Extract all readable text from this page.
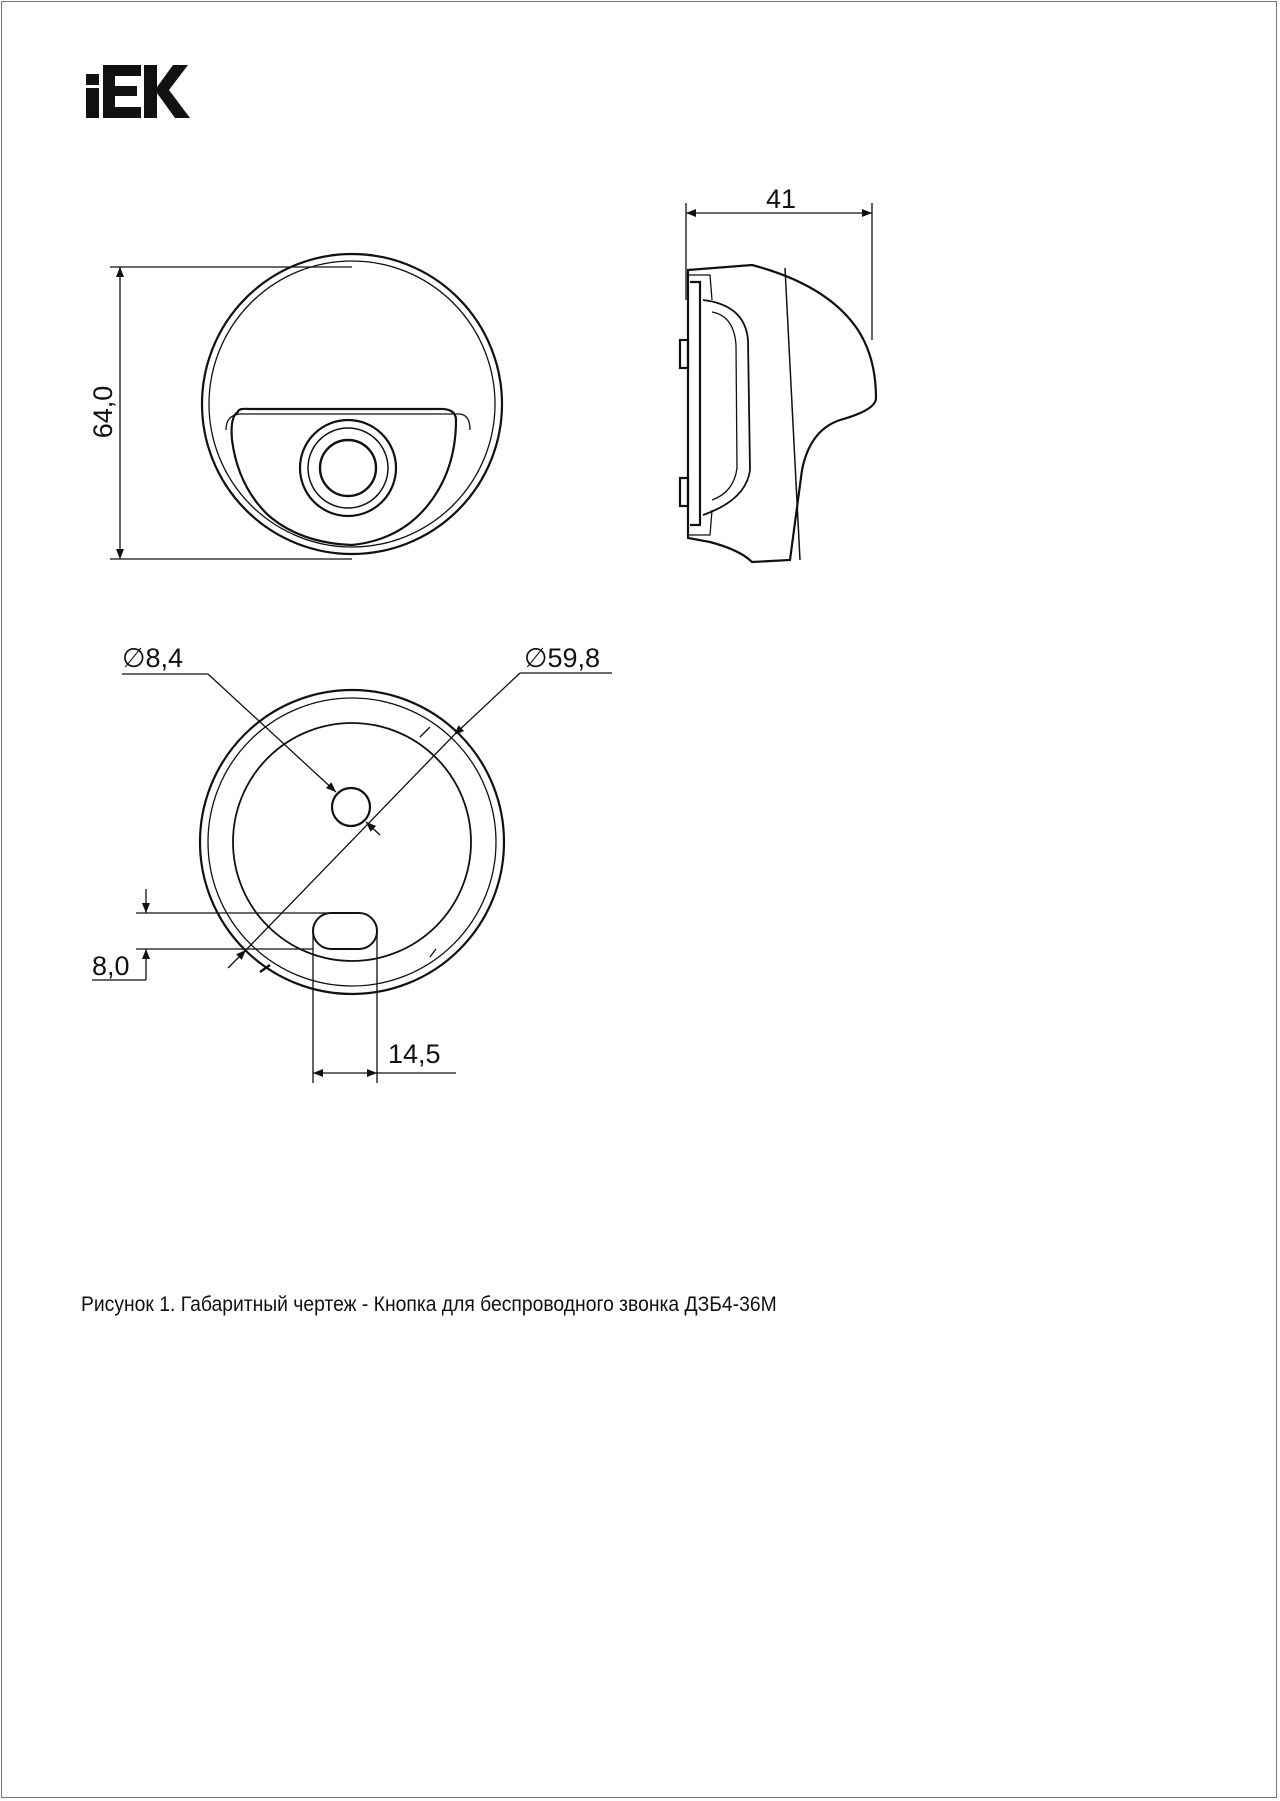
64,0
41
∅8,4	∅59,8
8,0
14,5
Рисунок 1. Габаритный чертеж - Кнопка для беспроводного звонка ДЗБ4-36М
